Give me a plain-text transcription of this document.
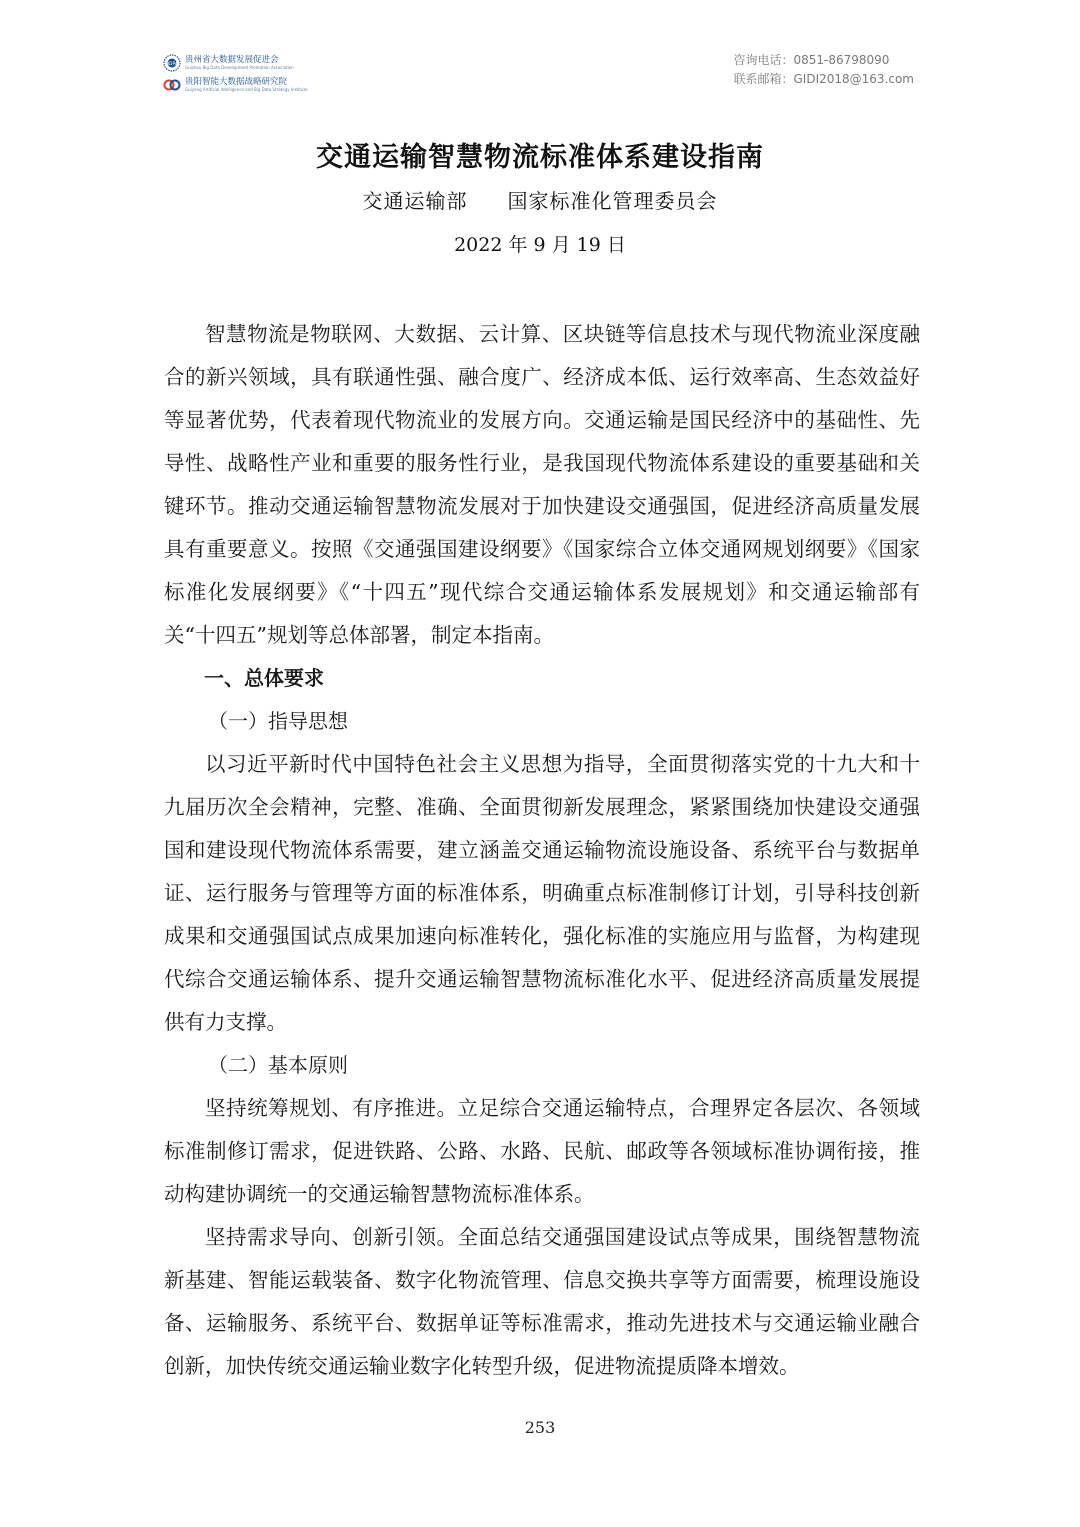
BDPA 贵州省大数据发展促进会
Guizhou Big Data Development Promotion Association
贵阳智能大数据战略研究院
Guiyang Artificial Intelligence and Big Data Strategy Institute
咨询电话：0851-86798090
联系邮箱：GIDI2018@163.com
交通运输智慧物流标准体系建设指南
交通运输部 国家标准化管理委员会
2022 年 9 月 19 日

智慧物流是物联网、大数据、云计算、区块链等信息技术与现代物流业深度融合的新兴领域，具有联通性强、融合度广、经济成本低、运行效率高、生态效益好等显著优势，代表着现代物流业的发展方向。交通运输是国民经济中的基础性、先导性、战略性产业和重要的服务性行业，是我国现代物流体系建设的重要基础和关键环节。推动交通运输智慧物流发展对于加快建设交通强国，促进经济高质量发展具有重要意义。按照《交通强国建设纲要》《国家综合立体交通网规划纲要》《国家标准化发展纲要》《“十四五”现代综合交通运输体系发展规划》和交通运输部有关“十四五”规划等总体部署，制定本指南。

一、总体要求

（一）指导思想

以习近平新时代中国特色社会主义思想为指导，全面贯彻落实党的十九大和十九届历次全会精神，完整、准确、全面贯彻新发展理念，紧紧围绕加快建设交通强国和建设现代物流体系需要，建立涵盖交通运输物流设施设备、系统平台与数据单证、运行服务与管理等方面的标准体系，明确重点标准制修订计划，引导科技创新成果和交通强国试点成果加速向标准转化，强化标准的实施应用与监督，为构建现代综合交通运输体系、提升交通运输智慧物流标准化水平、促进经济高质量发展提供有力支撑。

（二）基本原则

坚持统筹规划、有序推进。立足综合交通运输特点，合理界定各层次、各领域标准制修订需求，促进铁路、公路、水路、民航、邮政等各领域标准协调衔接，推动构建协调统一的交通运输智慧物流标准体系。

坚持需求导向、创新引领。全面总结交通强国建设试点等成果，围绕智慧物流新基建、智能运载装备、数字化物流管理、信息交换共享等方面需要，梳理设施设备、运输服务、系统平台、数据单证等标准需求，推动先进技术与交通运输业融合创新，加快传统交通运输业数字化转型升级，促进物流提质降本增效。

253
